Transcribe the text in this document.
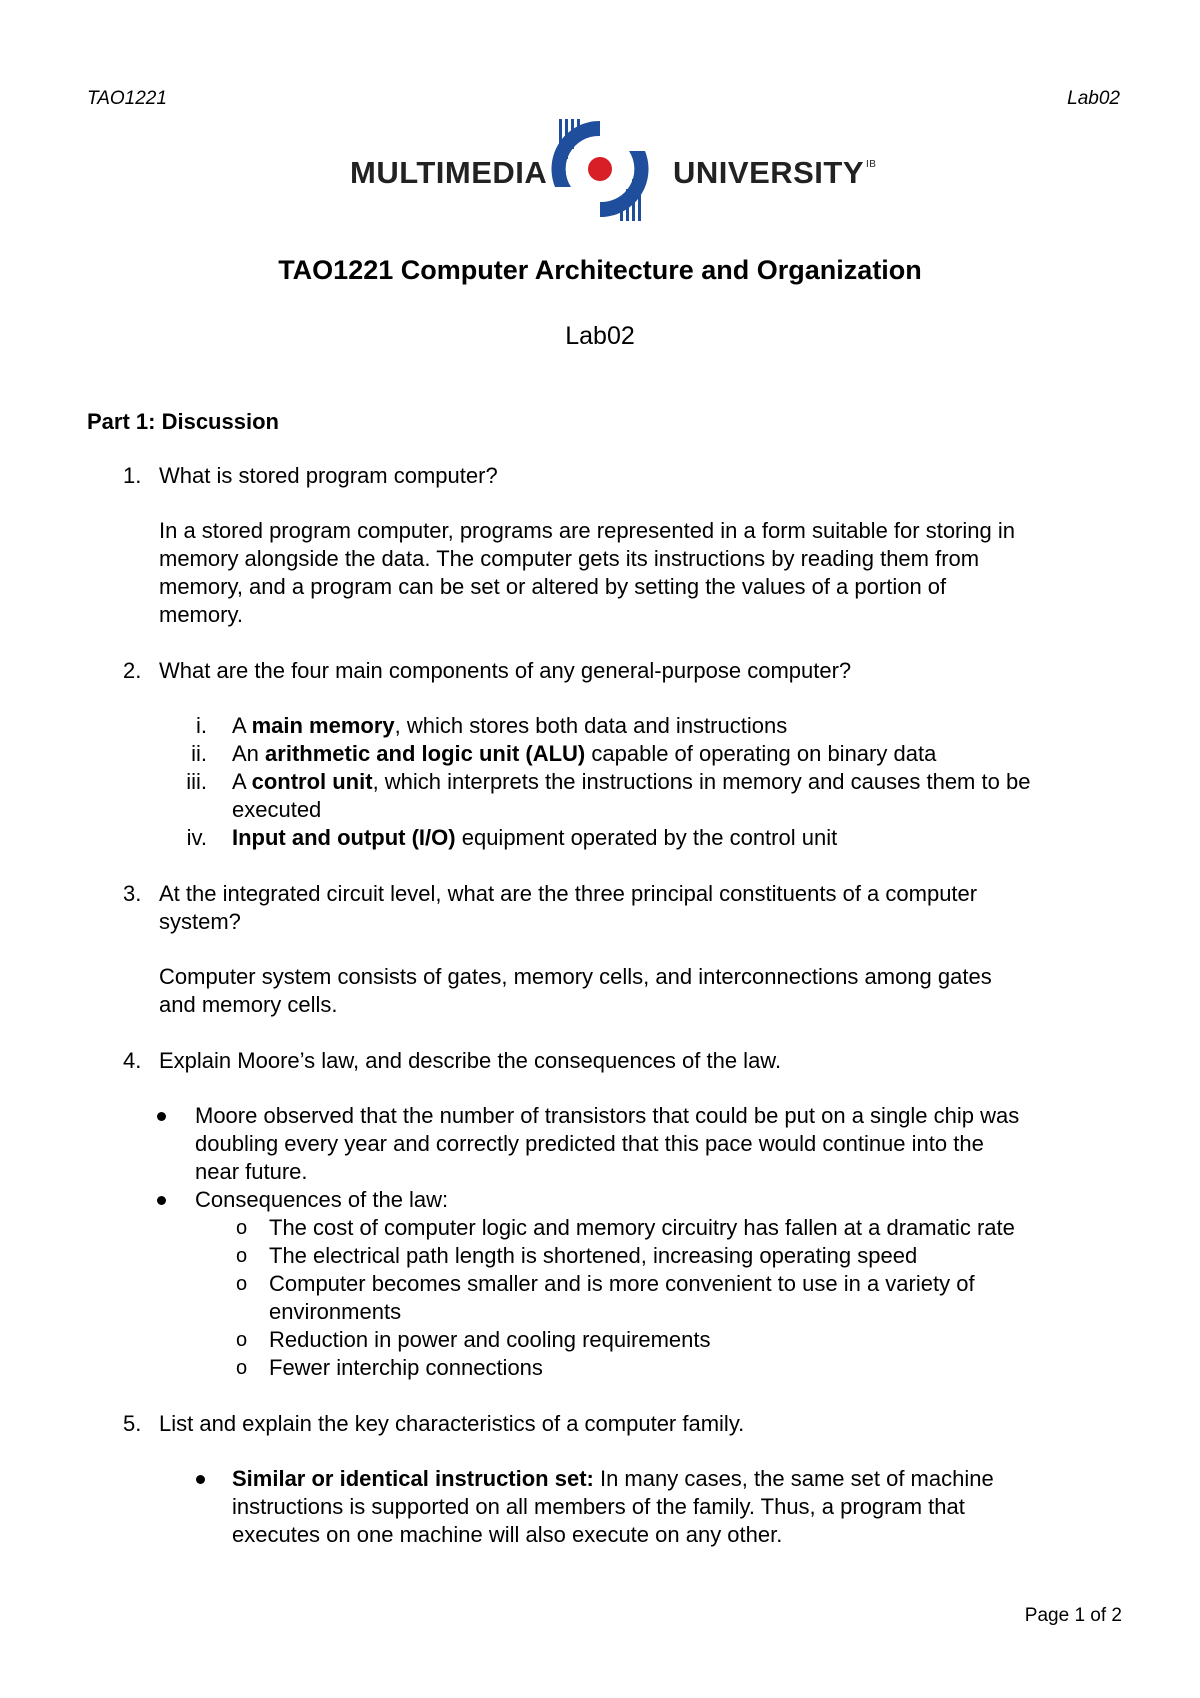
TAO1221	Lab02
MULTIMEDIA	UNIVERSITY $^{IB}$
TAO1221 Computer Architecture and Organization
Lab02

Part 1: Discussion

1. What is stored program computer?

In a stored program computer, programs are represented in a form suitable for storing in
memory alongside the data. The computer gets its instructions by reading them from
memory, and a program can be set or altered by setting the values of a portion of
memory.

2. What are the four main components of any general-purpose computer?

i. A main memory, which stores both data and instructions

ii. An arithmetic and logic unit (ALU) capable of operating on binary data

iii. A control unit, which interprets the instructions in memory and causes them to be
executed

iv. Input and output (I/O) equipment operated by the control unit

3. At the integrated circuit level, what are the three principal constituents of a computer
system?

Computer system consists of gates, memory cells, and interconnections among gates
and memory cells.

4. Explain Moore’s law, and describe the consequences of the law.

Moore observed that the number of transistors that could be put on a single chip was
doubling every year and correctly predicted that this pace would continue into the
near future.

Consequences of the law:

o The cost of computer logic and memory circuitry has fallen at a dramatic rate

o The electrical path length is shortened, increasing operating speed

o Computer becomes smaller and is more convenient to use in a variety of
environments

o Reduction in power and cooling requirements

o Fewer interchip connections

5. List and explain the key characteristics of a computer family.

Similar or identical instruction set: In many cases, the same set of machine
instructions is supported on all members of the family. Thus, a program that
executes on one machine will also execute on any other.

Page 1 of 2
